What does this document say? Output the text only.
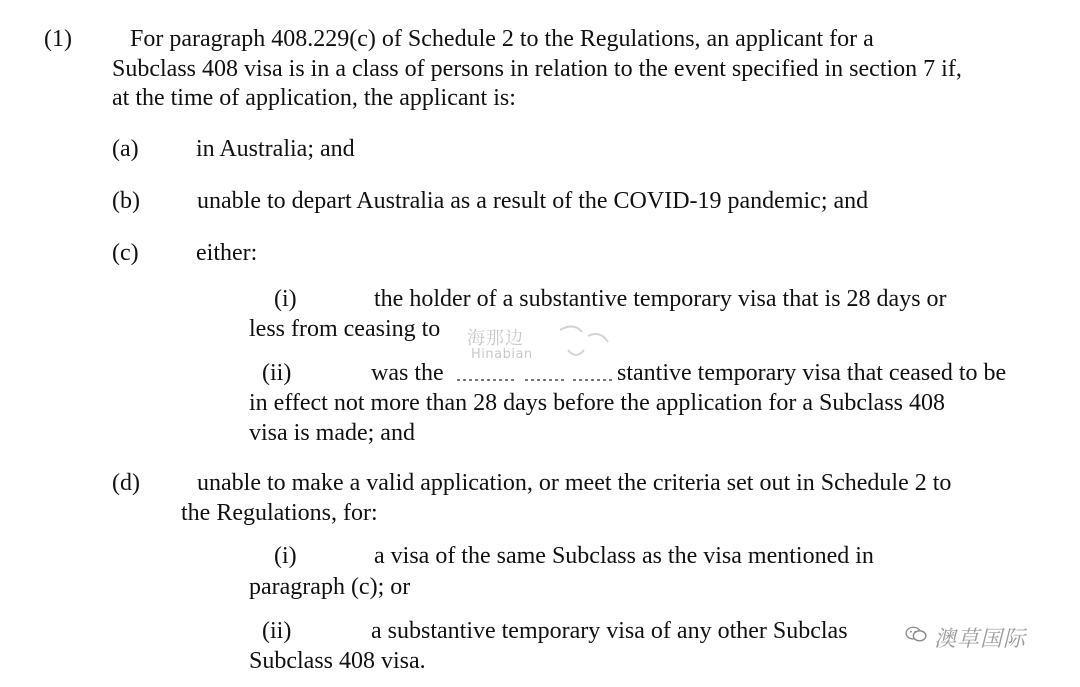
(1) For paragraph 408.229(c) of Schedule 2 to the Regulations, an applicant for a

Subclass 408 visa is in a class of persons in relation to the event specified in section 7 if,

at the time of application, the applicant is:

(a) in Australia; and

(b) unable to depart Australia as a result of the COVID-19 pandemic; and

(c) either:

(i)	the holder of a substantive temporary visa that is 28 days or

less from ceasing to 海那边
Hinabian
(ii)	was the	stantive temporary visa that ceased to be

in effect not more than 28 days before the application for a Subclass 408

visa is made; and

(d) unable to make a valid application, or meet the criteria set out in Schedule 2 to

the Regulations, for:

(i)	a visa of the same Subclass as the visa mentioned in

paragraph (c); or

(ii)	a substantive temporary visa of any other Subclas

Subclass 408 visa.

澳草国际
